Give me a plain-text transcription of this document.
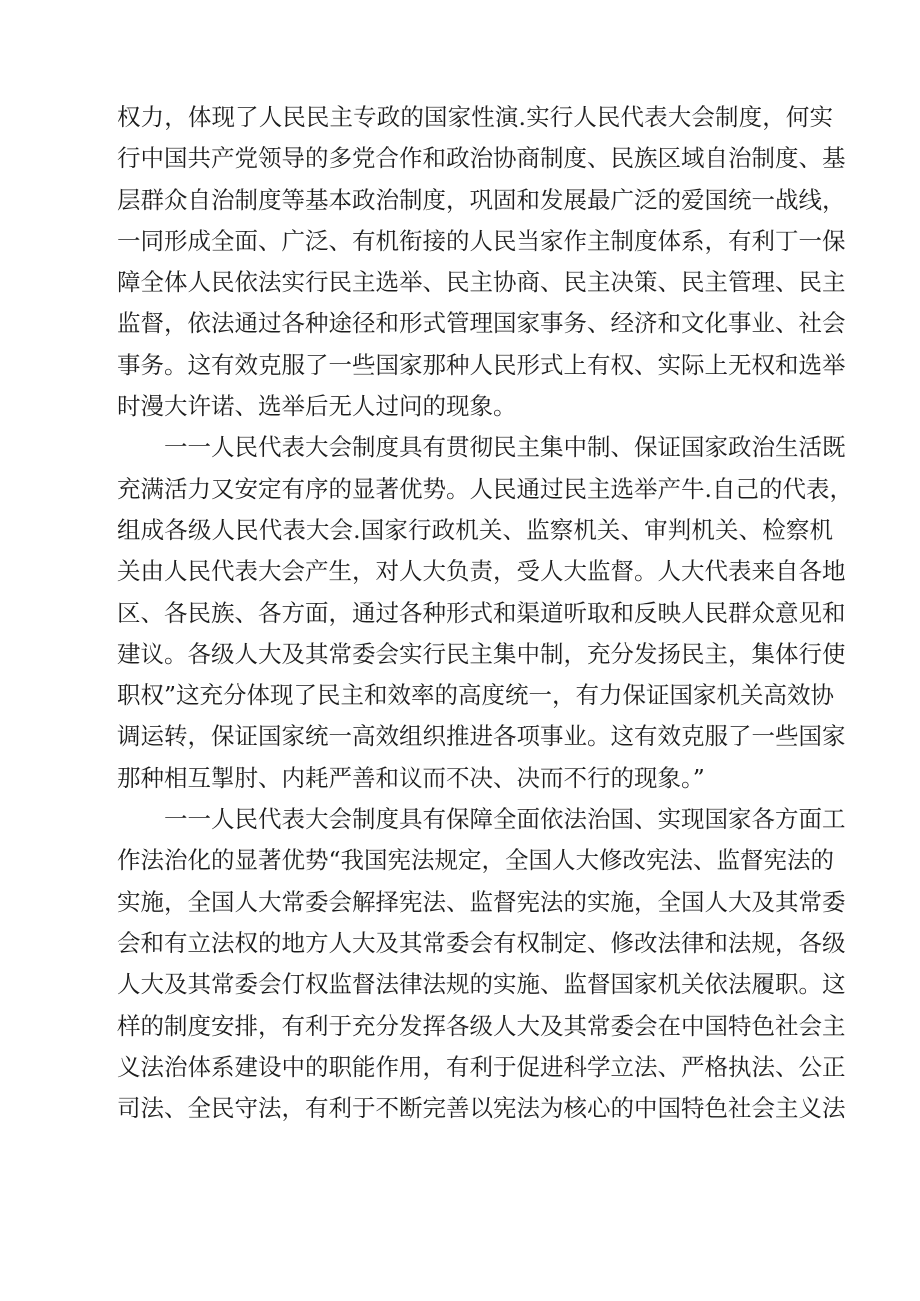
权力，体现了人民民主专政的国家性演.实行人民代表大会制度，何实
行中国共产党领导的多党合作和政治协商制度、民族区域自治制度、基
层群众自治制度等基本政治制度，巩固和发展最广泛的爱国统一战线，
一同形成全面、广泛、有机衔接的人民当家作主制度体系，有利丁一保
障全体人民依法实行民主选举、民主协商、民主决策、民主管理、民主
监督，依法通过各种途径和形式管理国家事务、经济和文化事业、社会
事务。这有效克服了一些国家那种人民形式上有权、实际上无权和选举
时漫大许诺、选举后无人过问的现象。
一一人民代表大会制度具有贯彻民主集中制、保证国家政治生活既
充满活力又安定有序的显著优势。人民通过民主选举产牛.自己的代表，
组成各级人民代表大会.国家行政机关、监察机关、审判机关、检察机
关由人民代表大会产生，对人大负责，受人大监督。人大代表来自各地
区、各民族、各方面，通过各种形式和渠道听取和反映人民群众意见和
建议。各级人大及其常委会实行民主集中制，充分发扬民主，集体行使
职权”这充分体现了民主和效率的高度统一，有力保证国家机关高效协
调运转，保证国家统一高效组织推进各项事业。这有效克服了一些国家
那种相互掣肘、内耗严善和议而不决、决而不行的现象。”
一一人民代表大会制度具有保障全面依法治国、实现国家各方面工
作法治化的显著优势“我国宪法规定，全国人大修改宪法、监督宪法的
实施，全国人大常委会解择宪法、监督宪法的实施，全国人大及其常委
会和有立法权的地方人大及其常委会有权制定、修改法律和法规，各级
人大及其常委会仃权监督法律法规的实施、监督国家机关依法履职。这
样的制度安排，有利于充分发挥各级人大及其常委会在中国特色社会主
义法治体系建设中的职能作用，有利于促进科学立法、严格执法、公正
司法、全民守法，有利于不断完善以宪法为核心的中国特色社会主义法
